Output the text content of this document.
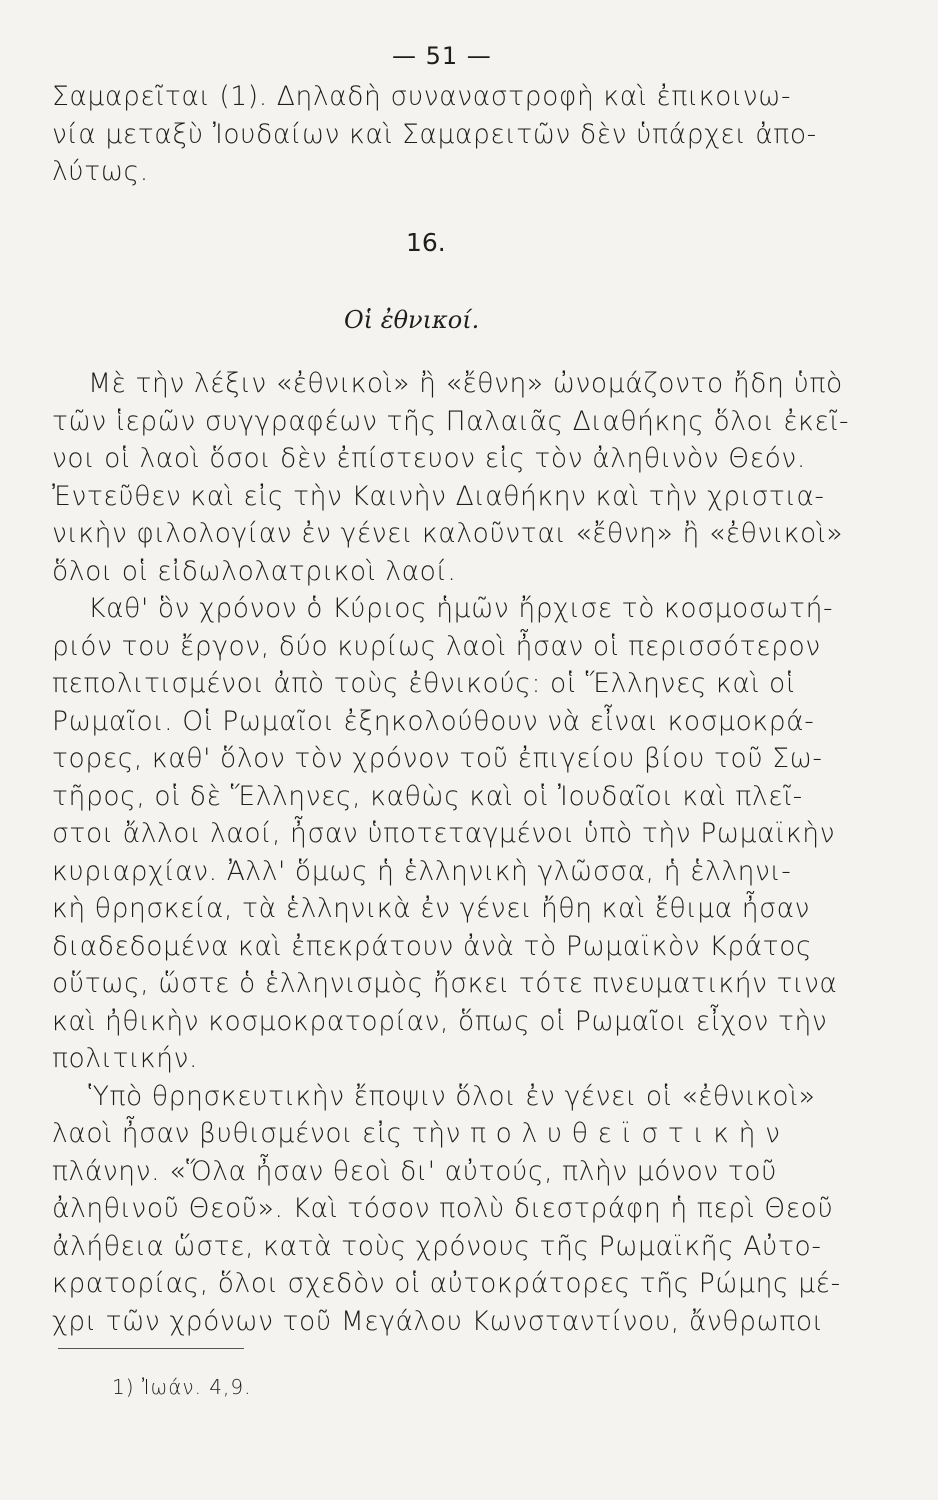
— 51 —
Σαμαρεῖται (1). Δηλαδὴ συναναστροφὴ καὶ ἐπικοινω-
νία μεταξὺ Ἰουδαίων καὶ Σαμαρειτῶν δὲν ὑπάρχει ἀπο-
λύτως.
16.
Οἱ ἐθνικοί.
Μὲ τὴν λέξιν «ἐθνικοὶ» ἢ «ἔθνη» ὠνομάζοντο ἤδη ὑπὸ
τῶν ἱερῶν συγγραφέων τῆς Παλαιᾶς Διαθήκης ὅλοι ἐκεῖ-
νοι οἱ λαοὶ ὅσοι δὲν ἐπίστευον εἰς τὸν ἀληθινὸν Θεόν.
Ἐντεῦθεν καὶ εἰς τὴν Καινὴν Διαθήκην καὶ τὴν χριστια-
νικὴν φιλολογίαν ἐν γένει καλοῦνται «ἔθνη» ἢ «ἐθνικοὶ»
ὅλοι οἱ εἰδωλολατρικοὶ λαοί.
Καθ' ὃν χρόνον ὁ Κύριος ἡμῶν ἤρχισε τὸ κοσμοσωτή-
ριόν του ἔργον, δύο κυρίως λαοὶ ἦσαν οἱ περισσότερον
πεπολιτισμένοι ἀπὸ τοὺς ἐθνικούς: οἱ Ἕλληνες καὶ οἱ
Ρωμαῖοι. Οἱ Ρωμαῖοι ἐξηκολούθουν νὰ εἶναι κοσμοκρά-
τορες, καθ' ὅλον τὸν χρόνον τοῦ ἐπιγείου βίου τοῦ Σω-
τῆρος, οἱ δὲ Ἕλληνες, καθὼς καὶ οἱ Ἰουδαῖοι καὶ πλεῖ-
στοι ἄλλοι λαοί, ἦσαν ὑποτεταγμένοι ὑπὸ τὴν Ρωμαϊκὴν
κυριαρχίαν. Ἀλλ' ὅμως ἡ ἑλληνικὴ γλῶσσα, ἡ ἑλληνι-
κὴ θρησκεία, τὰ ἑλληνικὰ ἐν γένει ἤθη καὶ ἔθιμα ἦσαν
διαδεδομένα καὶ ἐπεκράτουν ἀνὰ τὸ Ρωμαϊκὸν Κράτος
οὕτως, ὥστε ὁ ἑλληνισμὸς ἤσκει τότε πνευματικήν τινα
καὶ ἠθικὴν κοσμοκρατορίαν, ὅπως οἱ Ρωμαῖοι εἶχον τὴν
πολιτικήν.
Ὑπὸ θρησκευτικὴν ἔποψιν ὅλοι ἐν γένει οἱ «ἐθνικοὶ»
λαοὶ ἦσαν βυθισμένοι εἰς τὴν π ο λ υ θ ε ϊ σ τ ι κ ὴ ν
πλάνην. «Ὅλα ἦσαν θεοὶ δι' αὐτούς, πλὴν μόνον τοῦ
ἀληθινοῦ Θεοῦ». Καὶ τόσον πολὺ διεστράφη ἡ περὶ Θεοῦ
ἀλήθεια ὥστε, κατὰ τοὺς χρόνους τῆς Ρωμαϊκῆς Αὐτο-
κρατορίας, ὅλοι σχεδὸν οἱ αὐτοκράτορες τῆς Ρώμης μέ-
χρι τῶν χρόνων τοῦ Μεγάλου Κωνσταντίνου, ἄνθρωποι
1) Ἰωάν. 4,9.
